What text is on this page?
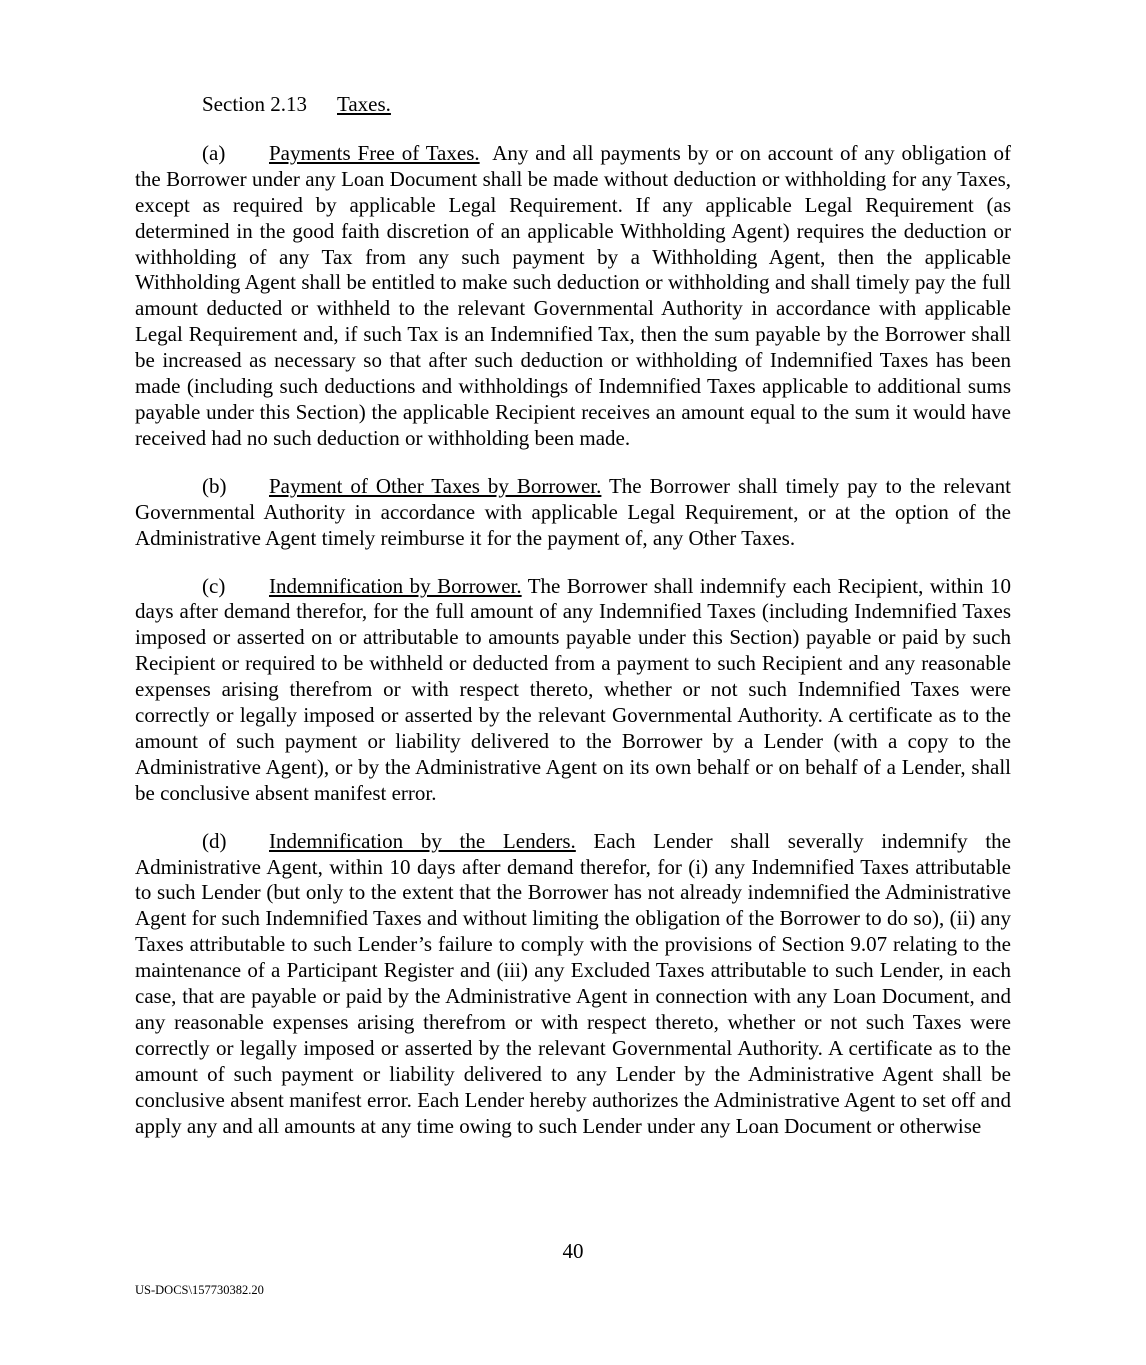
Section 2.13 Taxes.

(a) Payments Free of Taxes. Any and all payments by or on account of any obligation of the Borrower under any Loan Document shall be made without deduction or withholding for any Taxes, except as required by applicable Legal Requirement. If any applicable Legal Requirement (as determined in the good faith discretion of an applicable Withholding Agent) requires the deduction or withholding of any Tax from any such payment by a Withholding Agent, then the applicable Withholding Agent shall be entitled to make such deduction or withholding and shall timely pay the full amount deducted or withheld to the relevant Governmental Authority in accordance with applicable Legal Requirement and, if such Tax is an Indemnified Tax, then the sum payable by the Borrower shall be increased as necessary so that after such deduction or withholding of Indemnified Taxes has been made (including such deductions and withholdings of Indemnified Taxes applicable to additional sums payable under this Section) the applicable Recipient receives an amount equal to the sum it would have received had no such deduction or withholding been made.

(b) Payment of Other Taxes by Borrower. The Borrower shall timely pay to the relevant Governmental Authority in accordance with applicable Legal Requirement, or at the option of the Administrative Agent timely reimburse it for the payment of, any Other Taxes.

(c) Indemnification by Borrower. The Borrower shall indemnify each Recipient, within 10 days after demand therefor, for the full amount of any Indemnified Taxes (including Indemnified Taxes imposed or asserted on or attributable to amounts payable under this Section) payable or paid by such Recipient or required to be withheld or deducted from a payment to such Recipient and any reasonable expenses arising therefrom or with respect thereto, whether or not such Indemnified Taxes were correctly or legally imposed or asserted by the relevant Governmental Authority. A certificate as to the amount of such payment or liability delivered to the Borrower by a Lender (with a copy to the Administrative Agent), or by the Administrative Agent on its own behalf or on behalf of a Lender, shall be conclusive absent manifest error.

(d) Indemnification by the Lenders. Each Lender shall severally indemnify the Administrative Agent, within 10 days after demand therefor, for (i) any Indemnified Taxes attributable to such Lender (but only to the extent that the Borrower has not already indemnified the Administrative Agent for such Indemnified Taxes and without limiting the obligation of the Borrower to do so), (ii) any Taxes attributable to such Lender’s failure to comply with the provisions of Section 9.07 relating to the maintenance of a Participant Register and (iii) any Excluded Taxes attributable to such Lender, in each case, that are payable or paid by the Administrative Agent in connection with any Loan Document, and any reasonable expenses arising therefrom or with respect thereto, whether or not such Taxes were correctly or legally imposed or asserted by the relevant Governmental Authority. A certificate as to the amount of such payment or liability delivered to any Lender by the Administrative Agent shall be conclusive absent manifest error. Each Lender hereby authorizes the Administrative Agent to set off and apply any and all amounts at any time owing to such Lender under any Loan Document or otherwise

40
US-DOCS\157730382.20
